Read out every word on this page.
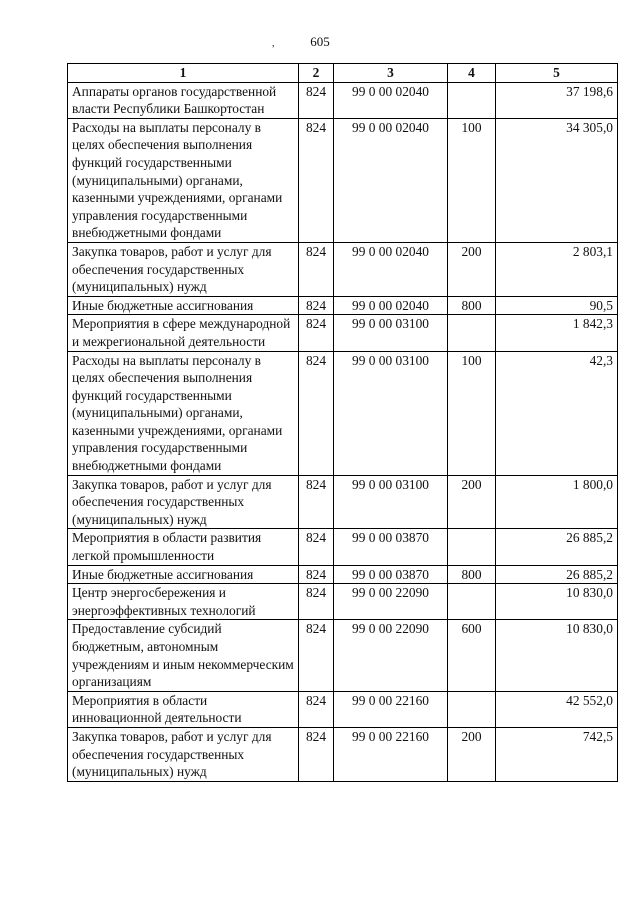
605
,
1	2	3	4	5
Аппараты органов государственной власти Республики Башкортостан	824	99 0 00 02040		37 198,6
Расходы на выплаты персоналу в целях обеспечения выполнения функций государственными (муниципальными) органами, казенными учреждениями, органами управления государственными внебюджетными фондами	824	99 0 00 02040	100	34 305,0
Закупка товаров, работ и услуг для обеспечения государственных (муниципальных) нужд	824	99 0 00 02040	200	2 803,1
Иные бюджетные ассигнования	824	99 0 00 02040	800	90,5
Мероприятия в сфере международной и межрегиональной деятельности	824	99 0 00 03100		1 842,3
Расходы на выплаты персоналу в целях обеспечения выполнения функций государственными (муниципальными) органами, казенными учреждениями, органами управления государственными внебюджетными фондами	824	99 0 00 03100	100	42,3
Закупка товаров, работ и услуг для обеспечения государственных (муниципальных) нужд	824	99 0 00 03100	200	1 800,0
Мероприятия в области развития легкой промышленности	824	99 0 00 03870		26 885,2
Иные бюджетные ассигнования	824	99 0 00 03870	800	26 885,2
Центр энергосбережения и энергоэффективных технологий	824	99 0 00 22090		10 830,0
Предоставление субсидий бюджетным, автономным учреждениям и иным некоммерческим организациям	824	99 0 00 22090	600	10 830,0
Мероприятия в области инновационной деятельности	824	99 0 00 22160		42 552,0
Закупка товаров, работ и услуг для обеспечения государственных (муниципальных) нужд	824	99 0 00 22160	200	742,5
